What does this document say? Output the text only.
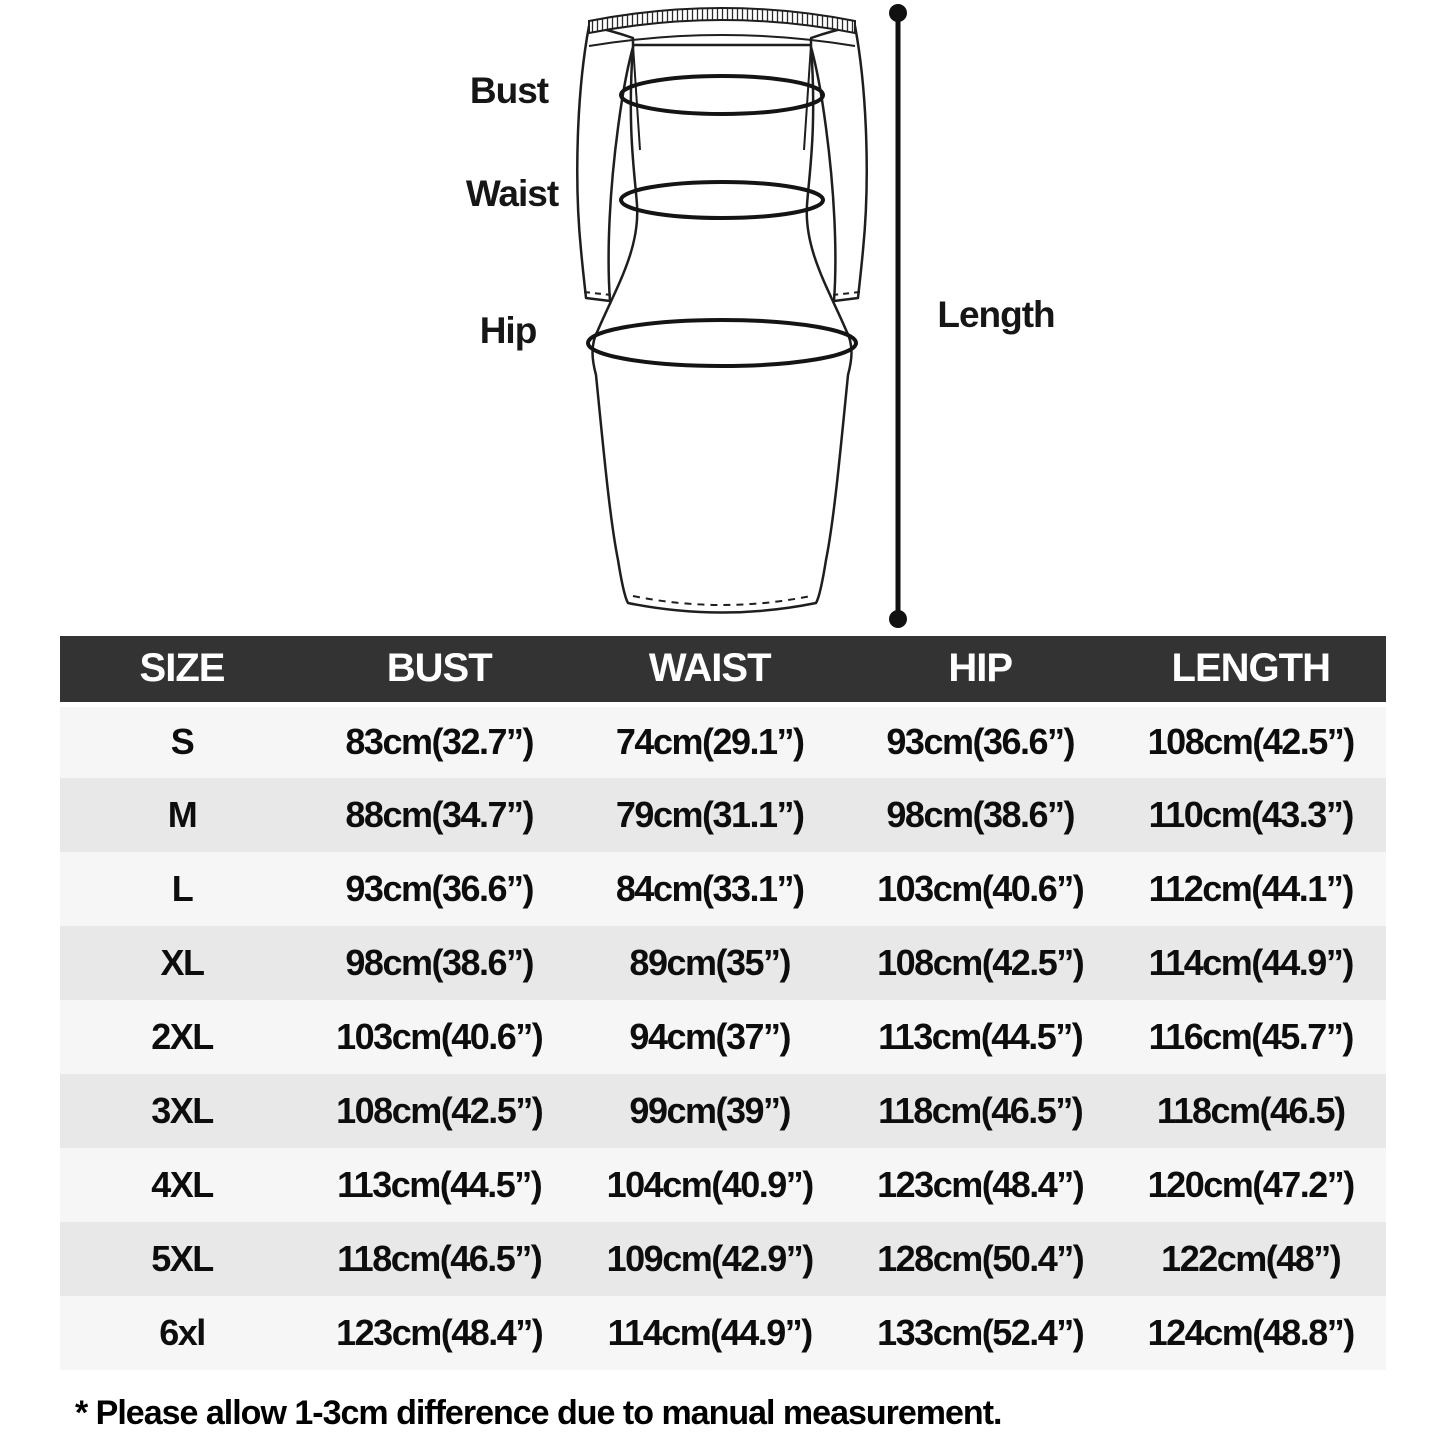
Bust
Waist
Hip	Length
SIZE	BUST	WAIST	HIP	LENGTH
S	83cm(32.7”)	74cm(29.1”)	93cm(36.6”)	108cm(42.5”)
M	88cm(34.7”)	79cm(31.1”)	98cm(38.6”)	110cm(43.3”)
L	93cm(36.6”)	84cm(33.1”)	103cm(40.6”)	112cm(44.1”)
XL	98cm(38.6”)	89cm(35”)	108cm(42.5”)	114cm(44.9”)
2XL	103cm(40.6”)	94cm(37”)	113cm(44.5”)	116cm(45.7”)
3XL	108cm(42.5”)	99cm(39”)	118cm(46.5”)	118cm(46.5)
4XL	113cm(44.5”)	104cm(40.9”)	123cm(48.4”)	120cm(47.2”)
5XL	118cm(46.5”)	109cm(42.9”)	128cm(50.4”)	122cm(48”)
6xl	123cm(48.4”)	114cm(44.9”)	133cm(52.4”)	124cm(48.8”)
* Please allow 1-3cm difference due to manual measurement.
